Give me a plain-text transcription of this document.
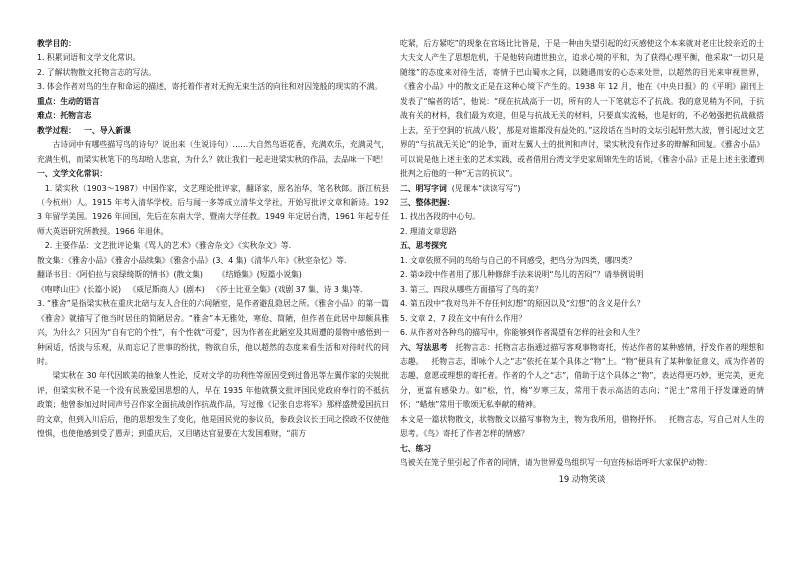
教学目的：

1. 积累词语和文学文化常识。

2. 了解状物散文托物言志的写法。

3. 体会作者对鸟的生存和命运的描述，寄托着作者对无拘无束生活的向往和对囚笼般的现实的不满。

重点：生动的语言

难点：托物言志

教学过程：   一、导入新课

古诗词中有哪些描写鸟的诗句？说出来（生说诗句）……大自然鸟语花香，充满欢乐，充满灵气，充满生机，而梁实秋笔下的鸟却给人悲哀，为什么？就让我们一起走进梁实秋的作品，去品味一下吧！

一、文学文化常识：

1. 梁实秋（1903～1987）中国作家，文艺理论批评家，翻译家，原名治华，笔名秋郎。浙江杭县（今杭州）人。1915 年考入清华学校。后与闻一多等成立清华文学社，开始写批评文章和新诗。1923 年留学美国。1926 年回国，先后在东南大学、暨南大学任教。1949 年定居台湾，1961 年起专任师大英语研究所教授。1966 年退休。

2. 主要作品：文艺批评论集《骂人的艺术》《雅舍杂文》《实秋杂文》等.

散文集：《雅舍小品》《雅舍小品续集》《雅舍小品》(3、4 集)《清华八年》《秋室杂忆》等.

翻译书目：《阿伯拉与哀绿绮斯的情书》(散文集)      《结婚集》(短篇小说集)

《咆哮山庄》(长篇小说)   《威尼斯商人》(剧本)   《莎士比亚全集》(戏剧 37 集、诗 3 集)等.

3. “雅舍”是指梁实秋在重庆北碚与友人合住的六间陋室，是作者避乱隐居之所。《雅舍小品》的第一篇《雅舍》就描写了他当时居住的简陋居舍。“雅舍”本无雅处，寒伧、简陋，但作者在此居中却颇具雅兴，为什么？只因为“自有它的个性”，有个性就“可爱”，因为作者在此陋室及其周遭的景物中感悟到一种闲适，恬淡与乐观，从而忘记了世事的纷扰，物欲自乐，他以超然的态度来看生活和对待时代的同时。

梁实秋在 30 年代因欧美的抽象人性论，反对文学的功利性等原因受到过鲁迅等左翼作家的尖锐批评，但梁实秋不是一个没有民族爱国思想的人，早在 1935 年他就撰文批评国民党政府奉行的不抵抗政策；他曾参加过时同声号召作家全面抗战创作抗战作品，写过像《记张自忠将军》那样盛赞爱国抗日的文章，但到入川后后，他的思想发生了变化，他是国民党的参议员，参政会议长王同之揆政不仅使他惶惧，也使他感到受了愚弄；到重庆后，又目睹达官显要在大发国难财，“前方

吃紧，后方紧吃”的现象在官场比比皆是，于是一种由失望引起的幻灭感使这个本来就对老庄比较亲近的士大夫文人产生了思想危机，于是他转向遗世独立，追求心境的平和，为了获得心理平衡，他采取“一切只是随缘”的态度来对待生活，寄情于巴山蜀水之间，以随遇而安的心态来处世，以超然的目光来审视世界，《雅舍小品》中的散文正是在这种心境下产生的。1938 年 12 月，他在《中央日报》的《平明》副刊上发表了“编者的话”，他说：“现在抗战高于一切，所有的人一下笔就忘不了抗战。我的意见稍为不同，于抗战有关的材料，我们最为欢迎，但是与抗战无关的材料，只要真实流畅，也是好的，不必勉强把抗战截搭上去，至于空洞的‘抗战八股’，那是对谁都没有益处的。”这段话在当时的文坛引起轩然大波，曾引起过文艺界的“与抗战无关论”的论争，面对左翼人士的批判和声讨，梁实秋没有作过多的辩解和回复。《雅舍小品》可以说是他上述主张的艺术实践，或者借用台湾文学史家周锦先生的话说，《雅舍小品》正是上述主张遭到批判之后他的一种“无言的抗议”。

二、明写字词  (见课本“读读写写”)

三、整体把握：

1. 找出各段的中心句。

2. 理清文章思路

五、思考探究

1. 文章依照不同的鸟给与自己的不同感受，把鸟分为四类，哪四类？

2. 第②段中作者用了那几种修辞手法来说明“鸟儿的苦闷”？请举例说明

3. 第三、四段从哪些方面描写了鸟的美？

4. 第五段中“我对鸟并不存任何幻想”的原因以及“幻想”的含义是什么？

5. 文章 2、7 段在文中有什么作用？

6. 从作者对各种鸟的描写中，你能够到作者渴望有怎样的社会和人生？

六、写法思考   托物言志：托物言志指通过描写客观事物寄托，传达作者的某种感情，抒发作者的理想和志趣。   托物言志，即咏个人之“志”依托在某个具体之“物”上。“物”便具有了某种象征意义，成为作者的志趣、意愿或理想的寄托者。作者的个人之“志”，借助于这个具体之“物”，表达得更巧妙，更完美，更充分，更富有感染力。如“松，竹，梅”岁寒三友，常用于表示高洁的志向；“泥土”常用于抒发谦逊的情怀；“蜡烛”常用于歌颂无私奉献的精神。

本文是一篇状物散文，状物散文以描写事物为主，物为我所用，借物抒怀。   托物言志，写自己对人生的思考。《鸟》寄托了作者怎样的情感？

七、练习

鸟被关在笼子里引起了作者的同情，请为世界爱鸟组织写一句宣传标语呼吁大家保护动物：

19 动物笑谈
